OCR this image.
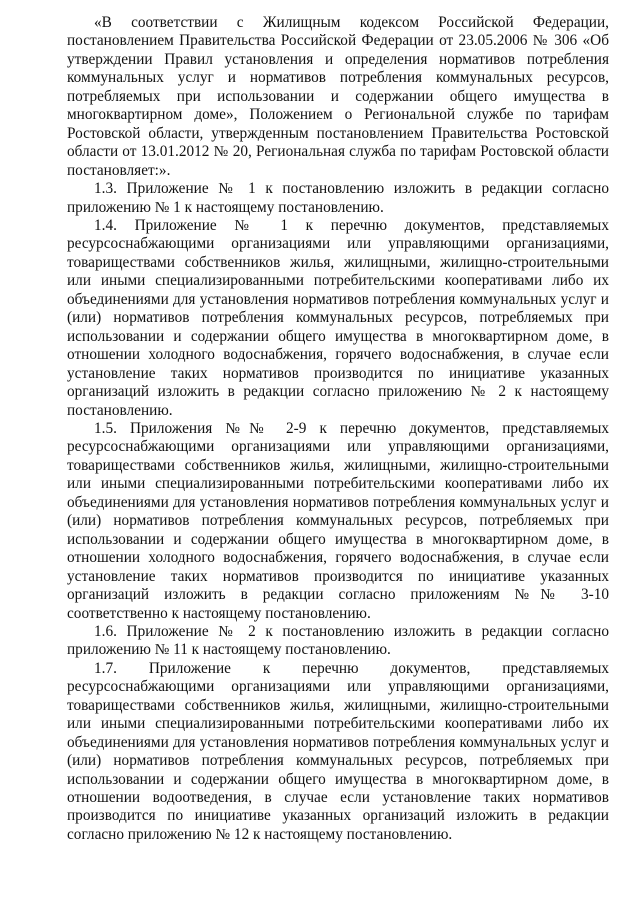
«В соответствии с Жилищным кодексом Российской Федерации, постановлением Правительства Российской Федерации от 23.05.2006 № 306 «Об утверждении Правил установления и определения нормативов потребления коммунальных услуг и нормативов потребления коммунальных ресурсов, потребляемых при использовании и содержании общего имущества в многоквартирном доме», Положением о Региональной службе по тарифам Ростовской области, утвержденным постановлением Правительства Ростовской области от 13.01.2012 № 20, Региональная служба по тарифам Ростовской области постановляет:».

1.3. Приложение № 1 к постановлению изложить в редакции согласно приложению № 1 к настоящему постановлению.

1.4. Приложение № 1 к перечню документов, представляемых ресурсоснабжающими организациями или управляющими организациями, товариществами собственников жилья, жилищными, жилищно-строительными или иными специализированными потребительскими кооперативами либо их объединениями для установления нормативов потребления коммунальных услуг и (или) нормативов потребления коммунальных ресурсов, потребляемых при использовании и содержании общего имущества в многоквартирном доме, в отношении холодного водоснабжения, горячего водоснабжения, в случае если установление таких нормативов производится по инициативе указанных организаций изложить в редакции согласно приложению № 2 к настоящему постановлению.

1.5. Приложения №№ 2-9 к перечню документов, представляемых ресурсоснабжающими организациями или управляющими организациями, товариществами собственников жилья, жилищными, жилищно-строительными или иными специализированными потребительскими кооперативами либо их объединениями для установления нормативов потребления коммунальных услуг и (или) нормативов потребления коммунальных ресурсов, потребляемых при использовании и содержании общего имущества в многоквартирном доме, в отношении холодного водоснабжения, горячего водоснабжения, в случае если установление таких нормативов производится по инициативе указанных организаций изложить в редакции согласно приложениям №№ 3-10 соответственно к настоящему постановлению.

1.6. Приложение № 2 к постановлению изложить в редакции согласно приложению № 11 к настоящему постановлению.

1.7. Приложение к перечню документов, представляемых ресурсоснабжающими организациями или управляющими организациями, товариществами собственников жилья, жилищными, жилищно-строительными или иными специализированными потребительскими кооперативами либо их объединениями для установления нормативов потребления коммунальных услуг и (или) нормативов потребления коммунальных ресурсов, потребляемых при использовании и содержании общего имущества в многоквартирном доме, в отношении водоотведения, в случае если установление таких нормативов производится по инициативе указанных организаций изложить в редакции согласно приложению № 12 к настоящему постановлению.
